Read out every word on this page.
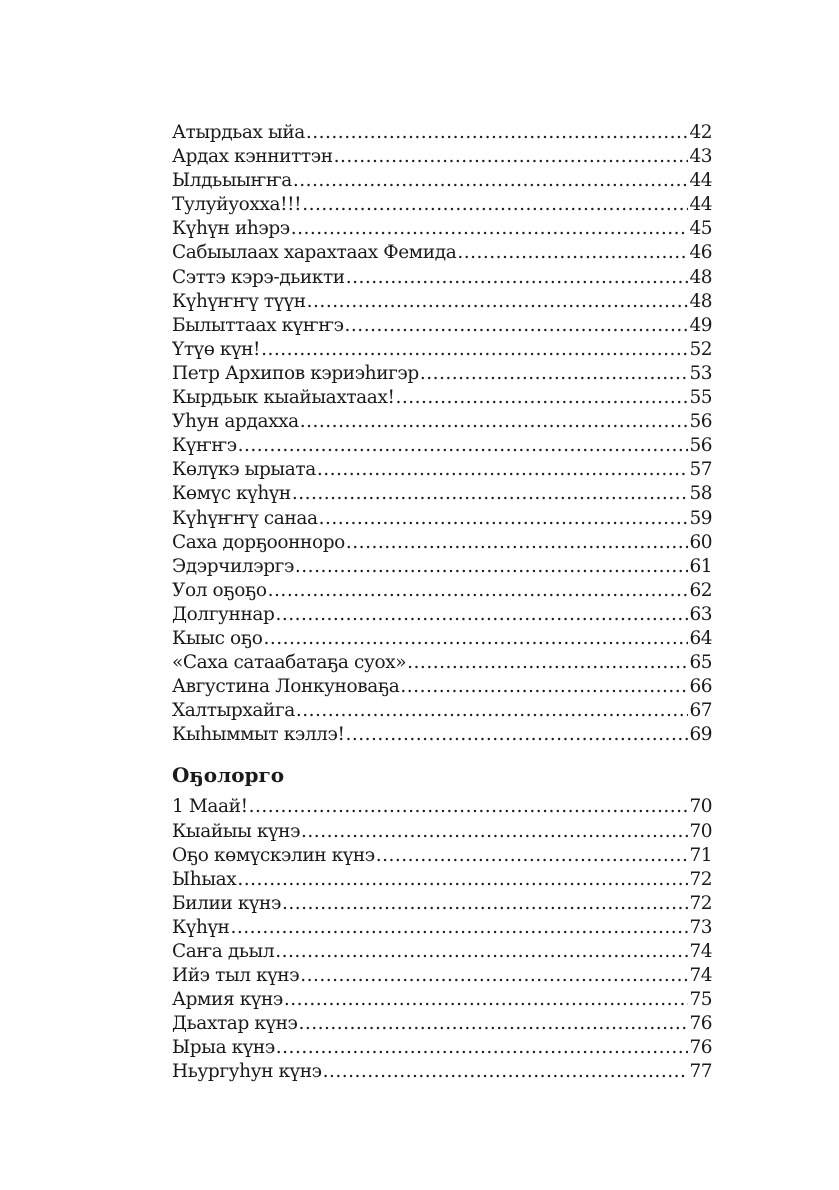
Атырдьах ыйа .....	42
Ардах кэнниттэн .....	43
Ылдьыыҥҥа .....	44
Тулуйуохха!!! .....	44
Күһүн иһэрэ .....	45
Сабыылаах харахтаах Фемида .....	46
Сэттэ кэрэ-дьикти .....	48
Күһүҥҥү түүн .....	48
Былыттаах күҥҥэ .....	49
Үтүө күн! .....	52
Петр Архипов кэриэһигэр .....	53
Кырдьык кыайыахтаах! .....	55
Уһун ардахха .....	56
Күҥҥэ .....	56
Көлүкэ ырыата .....	57
Көмүс күһүн .....	58
Күһүҥҥү санаа .....	59
Саха дорҕоонноро .....	60
Эдэрчилэргэ .....	61
Уол оҕоҕо .....	62
Долгуннар .....	63
Кыыс оҕо .....	64
«Саха сатаабатаҕа суох» .....	65
Августина Лонкуноваҕа .....	66
Халтырхайга .....	67
Кыһыммыт кэллэ! .....	69
Оҕолорго
1 Маай! .....	70
Кыайыы күнэ .....	70
Оҕо көмүскэлин күнэ .....	71
Ыһыах .....	72
Билии күнэ .....	72
Күһүн .....	73
Саҥа дьыл .....	74
Ийэ тыл күнэ .....	74
Армия күнэ .....	75
Дьахтар күнэ .....	76
Ырыа күнэ .....	76
Ньургуһун күнэ .....	77
